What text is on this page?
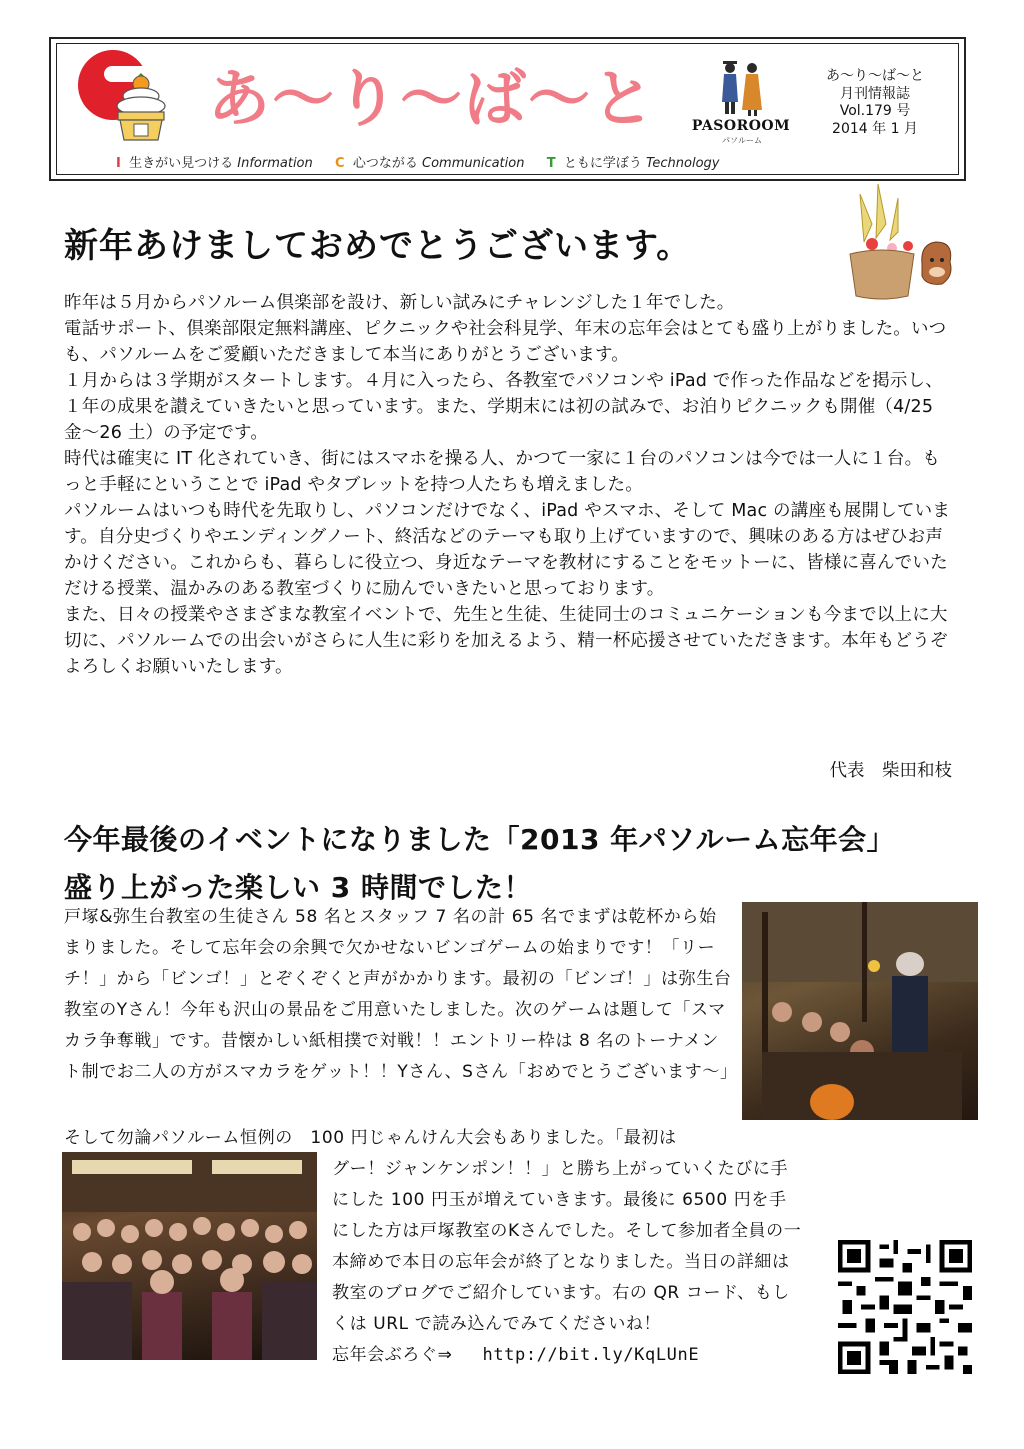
あ～り～ば～と
I 生きがい見つける Information C 心つながる Communication T ともに学ぼう Technology
PASOROOM
パソルーム
あ～り～ば～と
月刊情報誌
Vol.179 号
2014 年 1 月
新年あけましておめでとうございます。

昨年は５月からパソルーム倶楽部を設け、新しい試みにチャレンジした１年でした。

電話サポート、倶楽部限定無料講座、ピクニックや社会科見学、年末の忘年会はとても盛り上がりました。いつも、パソルームをご愛顧いただきまして本当にありがとうございます。

１月からは３学期がスタートします。４月に入ったら、各教室でパソコンや iPad で作った作品などを掲示し、１年の成果を讃えていきたいと思っています。また、学期末には初の試みで、お泊りピクニックも開催（4/25 金～26 土）の予定です。

時代は確実に IT 化されていき、街にはスマホを操る人、かつて一家に１台のパソコンは今では一人に１台。もっと手軽にということで iPad やタブレットを持つ人たちも増えました。

パソルームはいつも時代を先取りし、パソコンだけでなく、iPad やスマホ、そして Mac の講座も展開しています。自分史づくりやエンディングノート、終活などのテーマも取り上げていますので、興味のある方はぜひお声かけください。これからも、暮らしに役立つ、身近なテーマを教材にすることをモットーに、皆様に喜んでいただける授業、温かみのある教室づくりに励んでいきたいと思っております。

また、日々の授業やさまざまな教室イベントで、先生と生徒、生徒同士のコミュニケーションも今まで以上に大切に、パソルームでの出会いがさらに人生に彩りを加えるよう、精一杯応援させていただきます。本年もどうぞよろしくお願いいたします。

代表　柴田和枝
今年最後のイベントになりました「2013 年パソルーム忘年会」
盛り上がった楽しい 3 時間でした！
戸塚&弥生台教室の生徒さん 58 名とスタッフ 7 名の計 65 名でまずは乾杯から始まりました。そして忘年会の余興で欠かせないビンゴゲームの始まりです！「リーチ！」から「ビンゴ！」とぞくぞくと声がかかります。最初の「ビンゴ！」は弥生台教室のYさん！今年も沢山の景品をご用意いたしました。次のゲームは題して「スマカラ争奪戦」です。昔懐かしい紙相撲で対戦！！エントリー枠は 8 名のトーナメント制でお二人の方がスマカラをゲット！！Yさん、Sさん「おめでとうございます～」
そして勿論パソルーム恒例の　100 円じゃんけん大会もありました。「最初は
グー！ジャンケンポン！！」と勝ち上がっていくたびに手にした 100 円玉が増えていきます。最後に 6500 円を手にした方は戸塚教室のKさんでした。そして参加者全員の一本締めで本日の忘年会が終了となりました。当日の詳細は教室のブログでご紹介しています。右の QR コード、もしくは URL で読み込んでみてくださいね！
忘年会ぶろぐ⇒ http://bit.ly/KqLUnE
